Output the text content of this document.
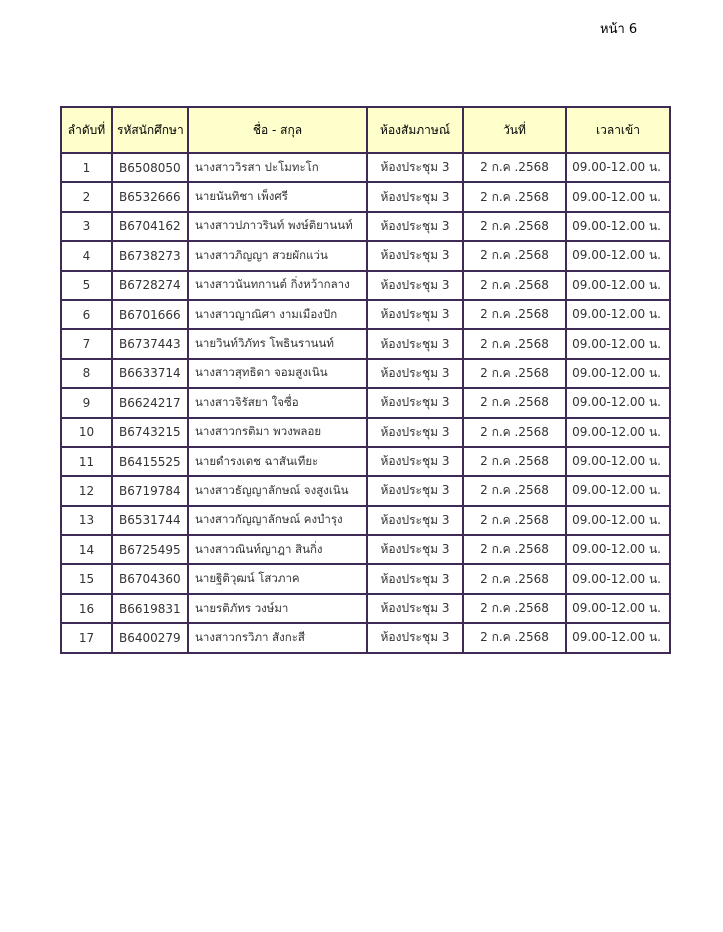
หน้า 6
ลำดับที่	รหัสนักศึกษา	ชื่อ - สกุล	ห้องสัมภาษณ์	วันที่	เวลาเข้า
1	B6508050	นางสาววิรสา ปะโมทะโก	ห้องประชุม 3	2 ก.ค .2568	09.00-12.00 น.
2	B6532666	นายนันทิชา เพ็งศรี	ห้องประชุม 3	2 ก.ค .2568	09.00-12.00 น.
3	B6704162	นางสาวปภาวรินท์ พงษ์ติยานนท์	ห้องประชุม 3	2 ก.ค .2568	09.00-12.00 น.
4	B6738273	นางสาวภิญญา สวยผักแว่น	ห้องประชุม 3	2 ก.ค .2568	09.00-12.00 น.
5	B6728274	นางสาวนันทกานต์ กิ่งหว้ากลาง	ห้องประชุม 3	2 ก.ค .2568	09.00-12.00 น.
6	B6701666	นางสาวญาณิศา งามเมืองปัก	ห้องประชุม 3	2 ก.ค .2568	09.00-12.00 น.
7	B6737443	นายวินท์วิภัทร โพธินรานนท์	ห้องประชุม 3	2 ก.ค .2568	09.00-12.00 น.
8	B6633714	นางสาวสุทธิดา จอมสูงเนิน	ห้องประชุม 3	2 ก.ค .2568	09.00-12.00 น.
9	B6624217	นางสาวจิรัสยา ใจซื่อ	ห้องประชุม 3	2 ก.ค .2568	09.00-12.00 น.
10	B6743215	นางสาวกรติมา พวงพลอย	ห้องประชุม 3	2 ก.ค .2568	09.00-12.00 น.
11	B6415525	นายดำรงเดช ฉาสันเทียะ	ห้องประชุม 3	2 ก.ค .2568	09.00-12.00 น.
12	B6719784	นางสาวธัญญาลักษณ์ จงสูงเนิน	ห้องประชุม 3	2 ก.ค .2568	09.00-12.00 น.
13	B6531744	นางสาวกัญญาลักษณ์ คงบำรุง	ห้องประชุม 3	2 ก.ค .2568	09.00-12.00 น.
14	B6725495	นางสาวณินท์ญาฎา สินกิ่ง	ห้องประชุม 3	2 ก.ค .2568	09.00-12.00 น.
15	B6704360	นายฐิติวุฒน์ โสวภาค	ห้องประชุม 3	2 ก.ค .2568	09.00-12.00 น.
16	B6619831	นายรติภัทร วงษ์มา	ห้องประชุม 3	2 ก.ค .2568	09.00-12.00 น.
17	B6400279	นางสาวกรวิภา สังกะสี	ห้องประชุม 3	2 ก.ค .2568	09.00-12.00 น.
